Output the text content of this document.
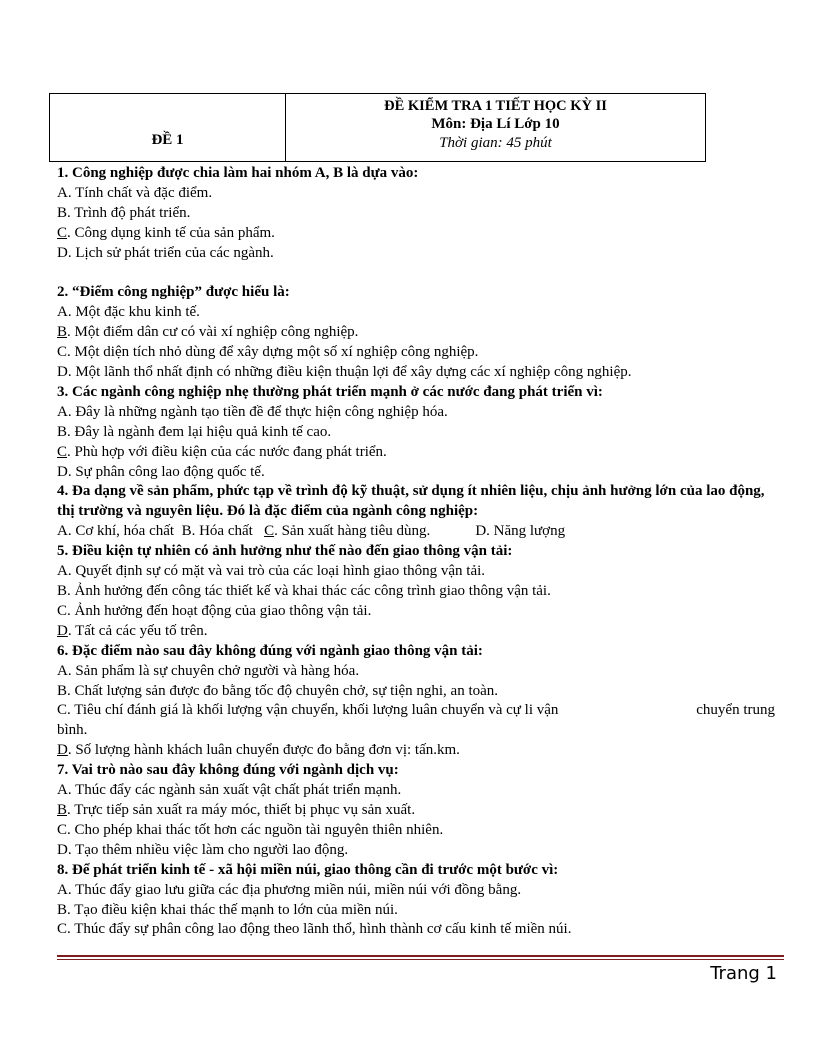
ĐỀ 1	
ĐỀ KIỂM TRA 1 TIẾT HỌC KỲ II
Môn: Địa Lí Lớp 10
Thời gian: 45 phút
1. Công nghiệp được chia làm hai nhóm A, B là dựa vào:
A. Tính chất và đặc điểm.
B. Trình độ phát triển.
C. Công dụng kinh tế của sản phẩm.
D. Lịch sử phát triển của các ngành.
2. “Điểm công nghiệp” được hiểu là:
A. Một đặc khu kinh tế.
B. Một điểm dân cư có vài xí nghiệp công nghiệp.
C. Một diện tích nhỏ dùng để xây dựng một số xí nghiệp công nghiệp.
D. Một lãnh thổ nhất định có những điều kiện thuận lợi để xây dựng các xí nghiệp công nghiệp.
3. Các ngành công nghiệp nhẹ thường phát triển mạnh ở các nước đang phát triển vì:
A. Đây là những ngành tạo tiền đề để thực hiện công nghiệp hóa.
B. Đây là ngành đem lại hiệu quả kinh tế cao.
C. Phù hợp với điều kiện của các nước đang phát triển.
D. Sự phân công lao động quốc tế.
4. Đa dạng về sản phẩm, phức tạp về trình độ kỹ thuật, sử dụng ít nhiên liệu, chịu ảnh hưởng lớn của lao động, thị trường và nguyên liệu. Đó là đặc điểm của ngành công nghiệp:
A. Cơ khí, hóa chất B. Hóa chất C. Sản xuất hàng tiêu dùng.	D. Năng lượng
5. Điều kiện tự nhiên có ảnh hưởng như thế nào đến giao thông vận tải:
A. Quyết định sự có mặt và vai trò của các loại hình giao thông vận tải.
B. Ảnh hưởng đến công tác thiết kế và khai thác các công trình giao thông vận tải.
C. Ảnh hưởng đến hoạt động của giao thông vận tải.
D. Tất cả các yếu tố trên.
6. Đặc điểm nào sau đây không đúng với ngành giao thông vận tải:
A. Sản phẩm là sự chuyên chở người và hàng hóa.
B. Chất lượng sản được đo bằng tốc độ chuyên chở, sự tiện nghi, an toàn.
C. Tiêu chí đánh giá là khối lượng vận chuyển, khối lượng luân chuyển và cự li vận	chuyển trung
bình.
D. Số lượng hành khách luân chuyển được đo bằng đơn vị: tấn.km.
7. Vai trò nào sau đây không đúng với ngành dịch vụ:
A. Thúc đẩy các ngành sản xuất vật chất phát triển mạnh.
B. Trực tiếp sản xuất ra máy móc, thiết bị phục vụ sản xuất.
C. Cho phép khai thác tốt hơn các nguồn tài nguyên thiên nhiên.
D. Tạo thêm nhiều việc làm cho người lao động.
8. Để phát triển kinh tế - xã hội miền núi, giao thông cần đi trước một bước vì:
A. Thúc đẩy giao lưu giữa các địa phương miền núi, miền núi với đồng bằng.
B. Tạo điều kiện khai thác thế mạnh to lớn của miền núi.
C. Thúc đẩy sự phân công lao động theo lãnh thổ, hình thành cơ cấu kinh tế miền núi.
Trang 1
